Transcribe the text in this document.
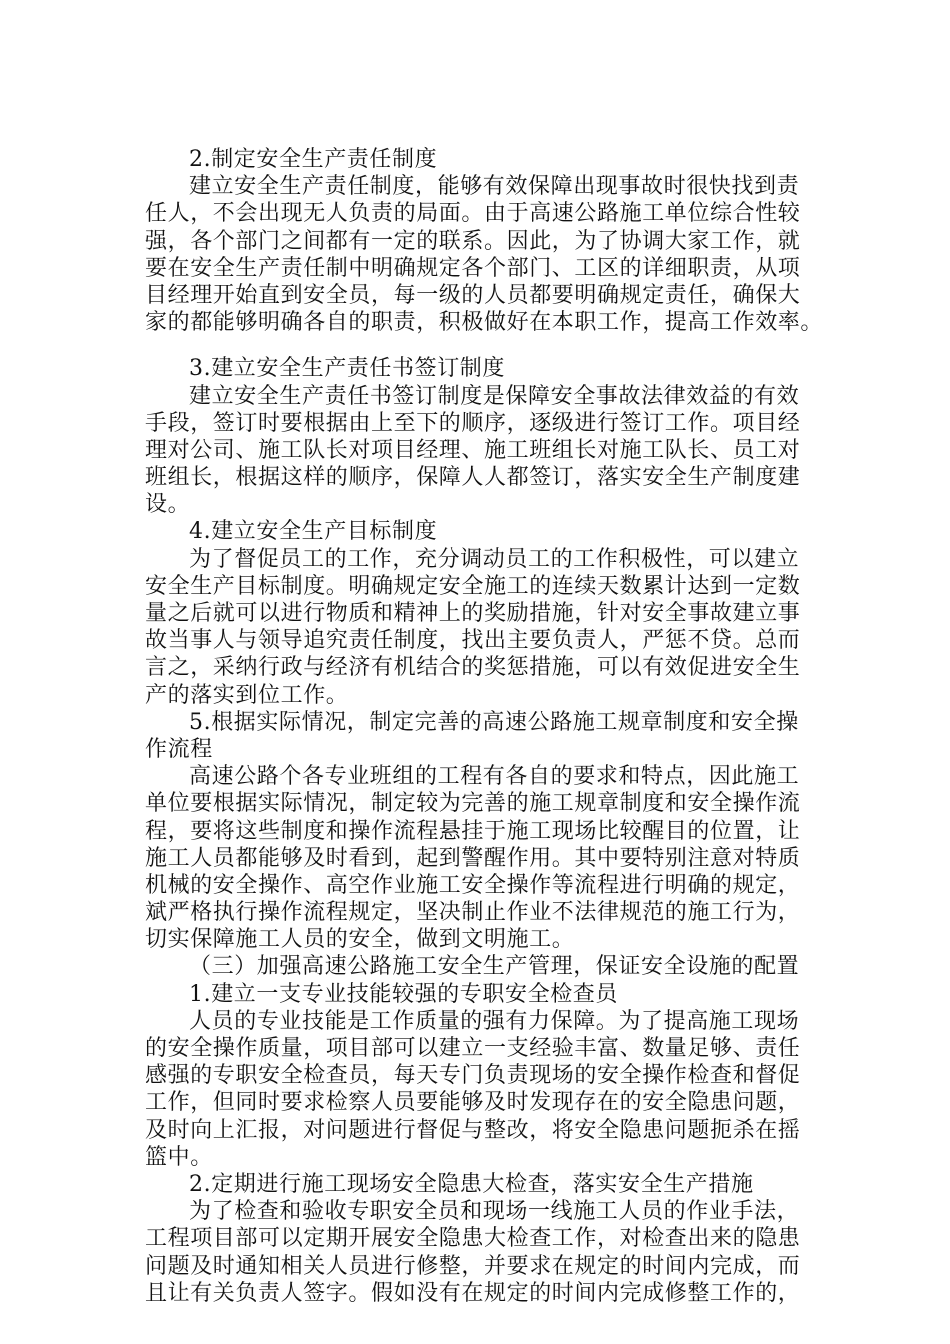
2.制定安全生产责任制度
建立安全生产责任制度，能够有效保障出现事故时很快找到责
任人，不会出现无人负责的局面。由于高速公路施工单位综合性较
强，各个部门之间都有一定的联系。因此，为了协调大家工作，就
要在安全生产责任制中明确规定各个部门、工区的详细职责，从项
目经理开始直到安全员，每一级的人员都要明确规定责任，确保大
家的都能够明确各自的职责，积极做好在本职工作，提高工作效率。
3.建立安全生产责任书签订制度
建立安全生产责任书签订制度是保障安全事故法律效益的有效
手段，签订时要根据由上至下的顺序，逐级进行签订工作。项目经
理对公司、施工队长对项目经理、施工班组长对施工队长、员工对
班组长，根据这样的顺序，保障人人都签订，落实安全生产制度建
设。
4.建立安全生产目标制度
为了督促员工的工作，充分调动员工的工作积极性，可以建立
安全生产目标制度。明确规定安全施工的连续天数累计达到一定数
量之后就可以进行物质和精神上的奖励措施，针对安全事故建立事
故当事人与领导追究责任制度，找出主要负责人，严惩不贷。总而
言之，采纳行政与经济有机结合的奖惩措施，可以有效促进安全生
产的落实到位工作。
5.根据实际情况，制定完善的高速公路施工规章制度和安全操
作流程
高速公路个各专业班组的工程有各自的要求和特点，因此施工
单位要根据实际情况，制定较为完善的施工规章制度和安全操作流
程，要将这些制度和操作流程悬挂于施工现场比较醒目的位置，让
施工人员都能够及时看到，起到警醒作用。其中要特别注意对特质
机械的安全操作、高空作业施工安全操作等流程进行明确的规定，
斌严格执行操作流程规定，坚决制止作业不法律规范的施工行为，
切实保障施工人员的安全，做到文明施工。
（三）加强高速公路施工安全生产管理，保证安全设施的配置
1.建立一支专业技能较强的专职安全检查员
人员的专业技能是工作质量的强有力保障。为了提高施工现场
的安全操作质量，项目部可以建立一支经验丰富、数量足够、责任
感强的专职安全检查员，每天专门负责现场的安全操作检查和督促
工作，但同时要求检察人员要能够及时发现存在的安全隐患问题，
及时向上汇报，对问题进行督促与整改，将安全隐患问题扼杀在摇
篮中。
2.定期进行施工现场安全隐患大检查，落实安全生产措施
为了检查和验收专职安全员和现场一线施工人员的作业手法，
工程项目部可以定期开展安全隐患大检查工作，对检查出来的隐患
问题及时通知相关人员进行修整，并要求在规定的时间内完成，而
且让有关负责人签字。假如没有在规定的时间内完成修整工作的，
